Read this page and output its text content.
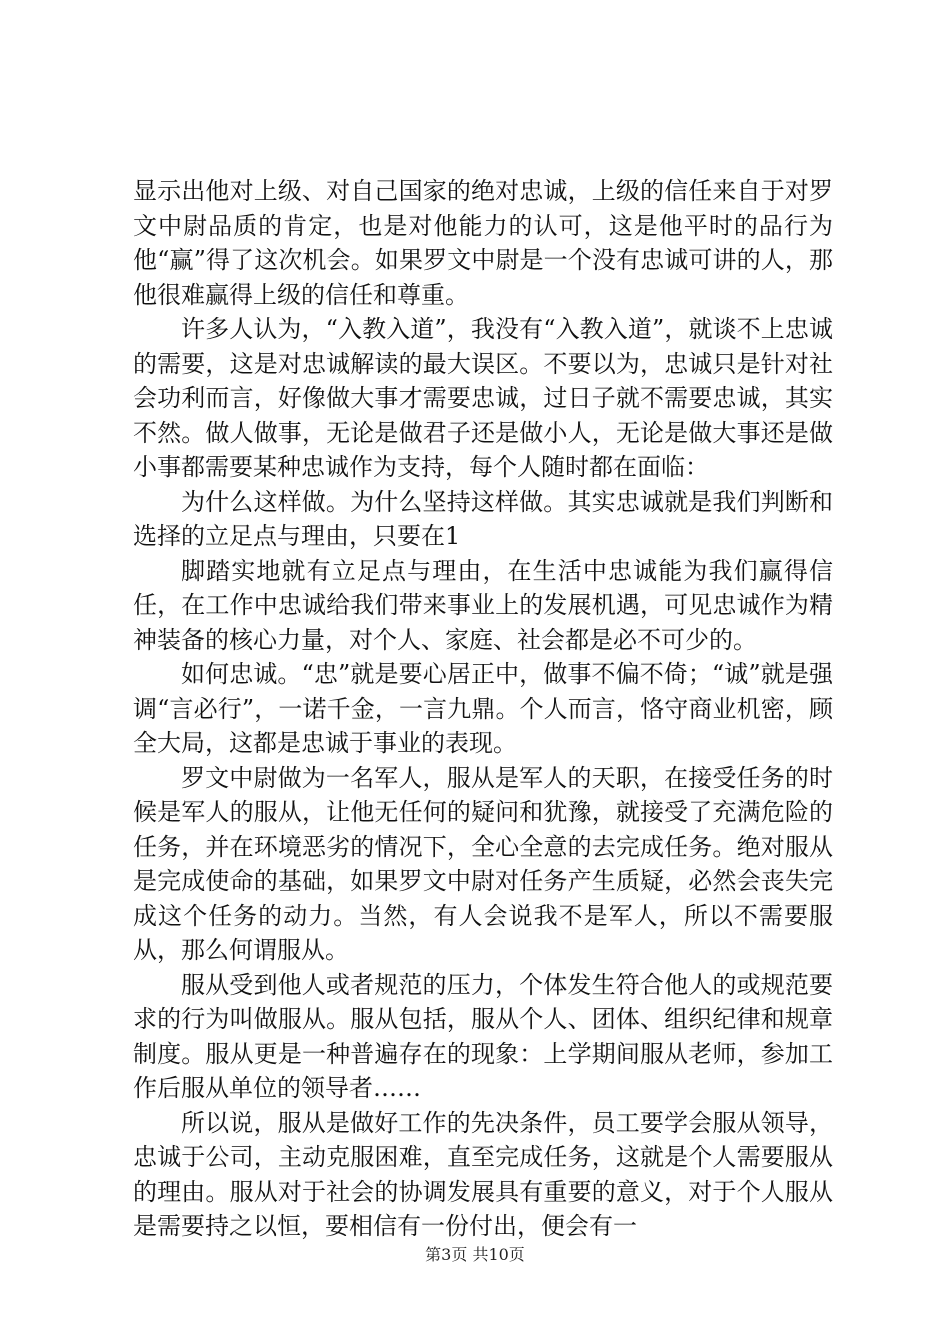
显示出他对上级、对自己国家的绝对忠诚，上级的信任来自于对罗文中尉品质的肯定，也是对他能力的认可，这是他平时的品行为他“赢”得了这次机会。如果罗文中尉是一个没有忠诚可讲的人，那他很难赢得上级的信任和尊重。

许多人认为，“入教入道”，我没有“入教入道”，就谈不上忠诚的需要，这是对忠诚解读的最大误区。不要以为，忠诚只是针对社会功利而言，好像做大事才需要忠诚，过日子就不需要忠诚，其实不然。做人做事，无论是做君子还是做小人，无论是做大事还是做小事都需要某种忠诚作为支持，每个人随时都在面临：

为什么这样做。为什么坚持这样做。其实忠诚就是我们判断和选择的立足点与理由，只要在1

脚踏实地就有立足点与理由，在生活中忠诚能为我们赢得信任，在工作中忠诚给我们带来事业上的发展机遇，可见忠诚作为精神装备的核心力量，对个人、家庭、社会都是必不可少的。

如何忠诚。“忠”就是要心居正中，做事不偏不倚；“诚”就是强调“言必行”，一诺千金，一言九鼎。个人而言，恪守商业机密，顾全大局，这都是忠诚于事业的表现。

罗文中尉做为一名军人，服从是军人的天职，在接受任务的时候是军人的服从，让他无任何的疑问和犹豫，就接受了充满危险的任务，并在环境恶劣的情况下，全心全意的去完成任务。绝对服从是完成使命的基础，如果罗文中尉对任务产生质疑，必然会丧失完成这个任务的动力。当然，有人会说我不是军人，所以不需要服从，那么何谓服从。

服从受到他人或者规范的压力，个体发生符合他人的或规范要求的行为叫做服从。服从包括，服从个人、团体、组织纪律和规章制度。服从更是一种普遍存在的现象：上学期间服从老师，参加工作后服从单位的领导者……

所以说，服从是做好工作的先决条件，员工要学会服从领导，忠诚于公司，主动克服困难，直至完成任务，这就是个人需要服从的理由。服从对于社会的协调发展具有重要的意义，对于个人服从是需要持之以恒，要相信有一份付出，便会有一

第3页 共10页
